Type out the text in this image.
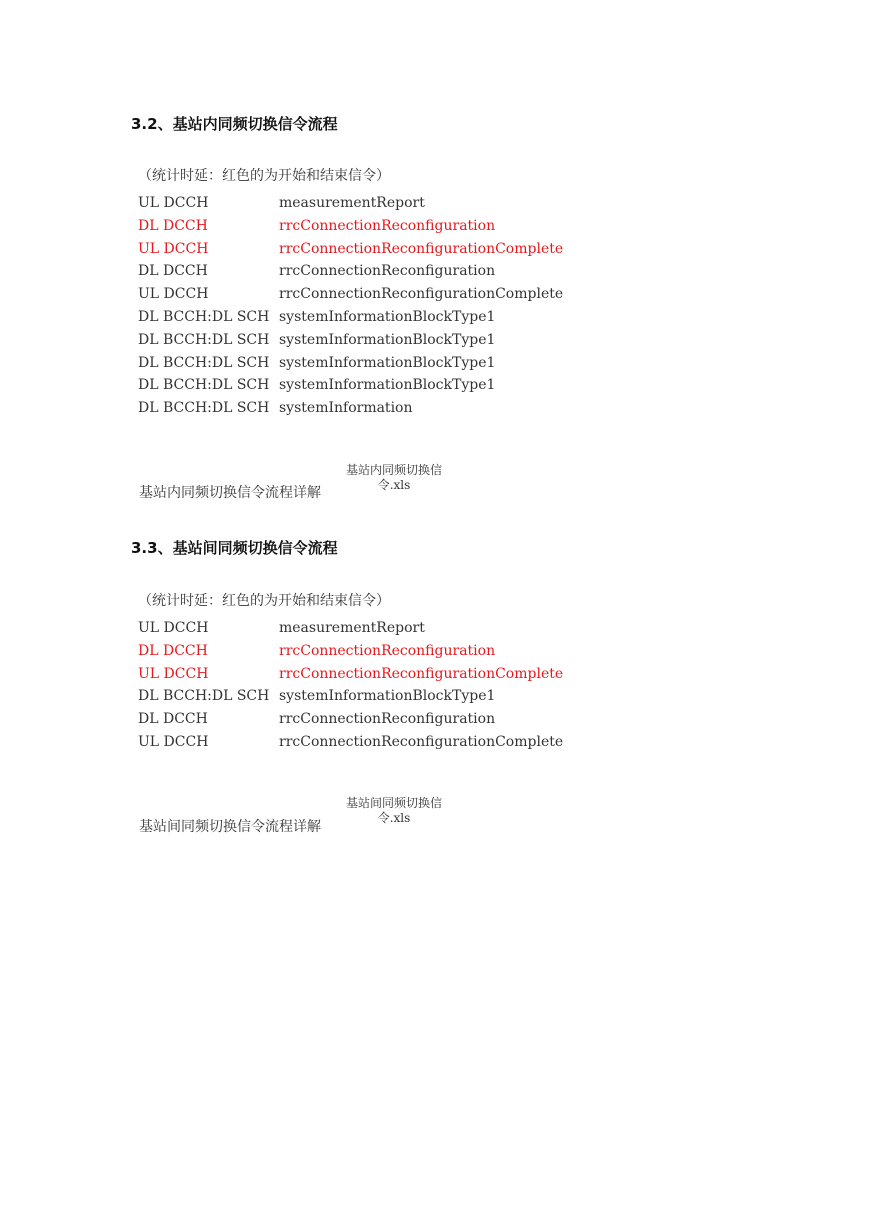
3.2、基站内同频切换信令流程
（统计时延：红色的为开始和结束信令）
UL DCCH	measurementReport
DL DCCH	rrcConnectionReconfiguration
UL DCCH	rrcConnectionReconfigurationComplete
DL DCCH	rrcConnectionReconfiguration
UL DCCH	rrcConnectionReconfigurationComplete
DL BCCH:DL SCH systemInformationBlockType1
DL BCCH:DL SCH systemInformationBlockType1
DL BCCH:DL SCH systemInformationBlockType1
DL BCCH:DL SCH systemInformationBlockType1
DL BCCH:DL SCH systemInformation
基站内同频切换信
令.xls
基站内同频切换信令流程详解
3.3、基站间同频切换信令流程
（统计时延：红色的为开始和结束信令）
UL DCCH	measurementReport
DL DCCH	rrcConnectionReconfiguration
UL DCCH	rrcConnectionReconfigurationComplete
DL BCCH:DL SCH systemInformationBlockType1
DL DCCH	rrcConnectionReconfiguration
UL DCCH	rrcConnectionReconfigurationComplete
基站间同频切换信
令.xls
基站间同频切换信令流程详解
